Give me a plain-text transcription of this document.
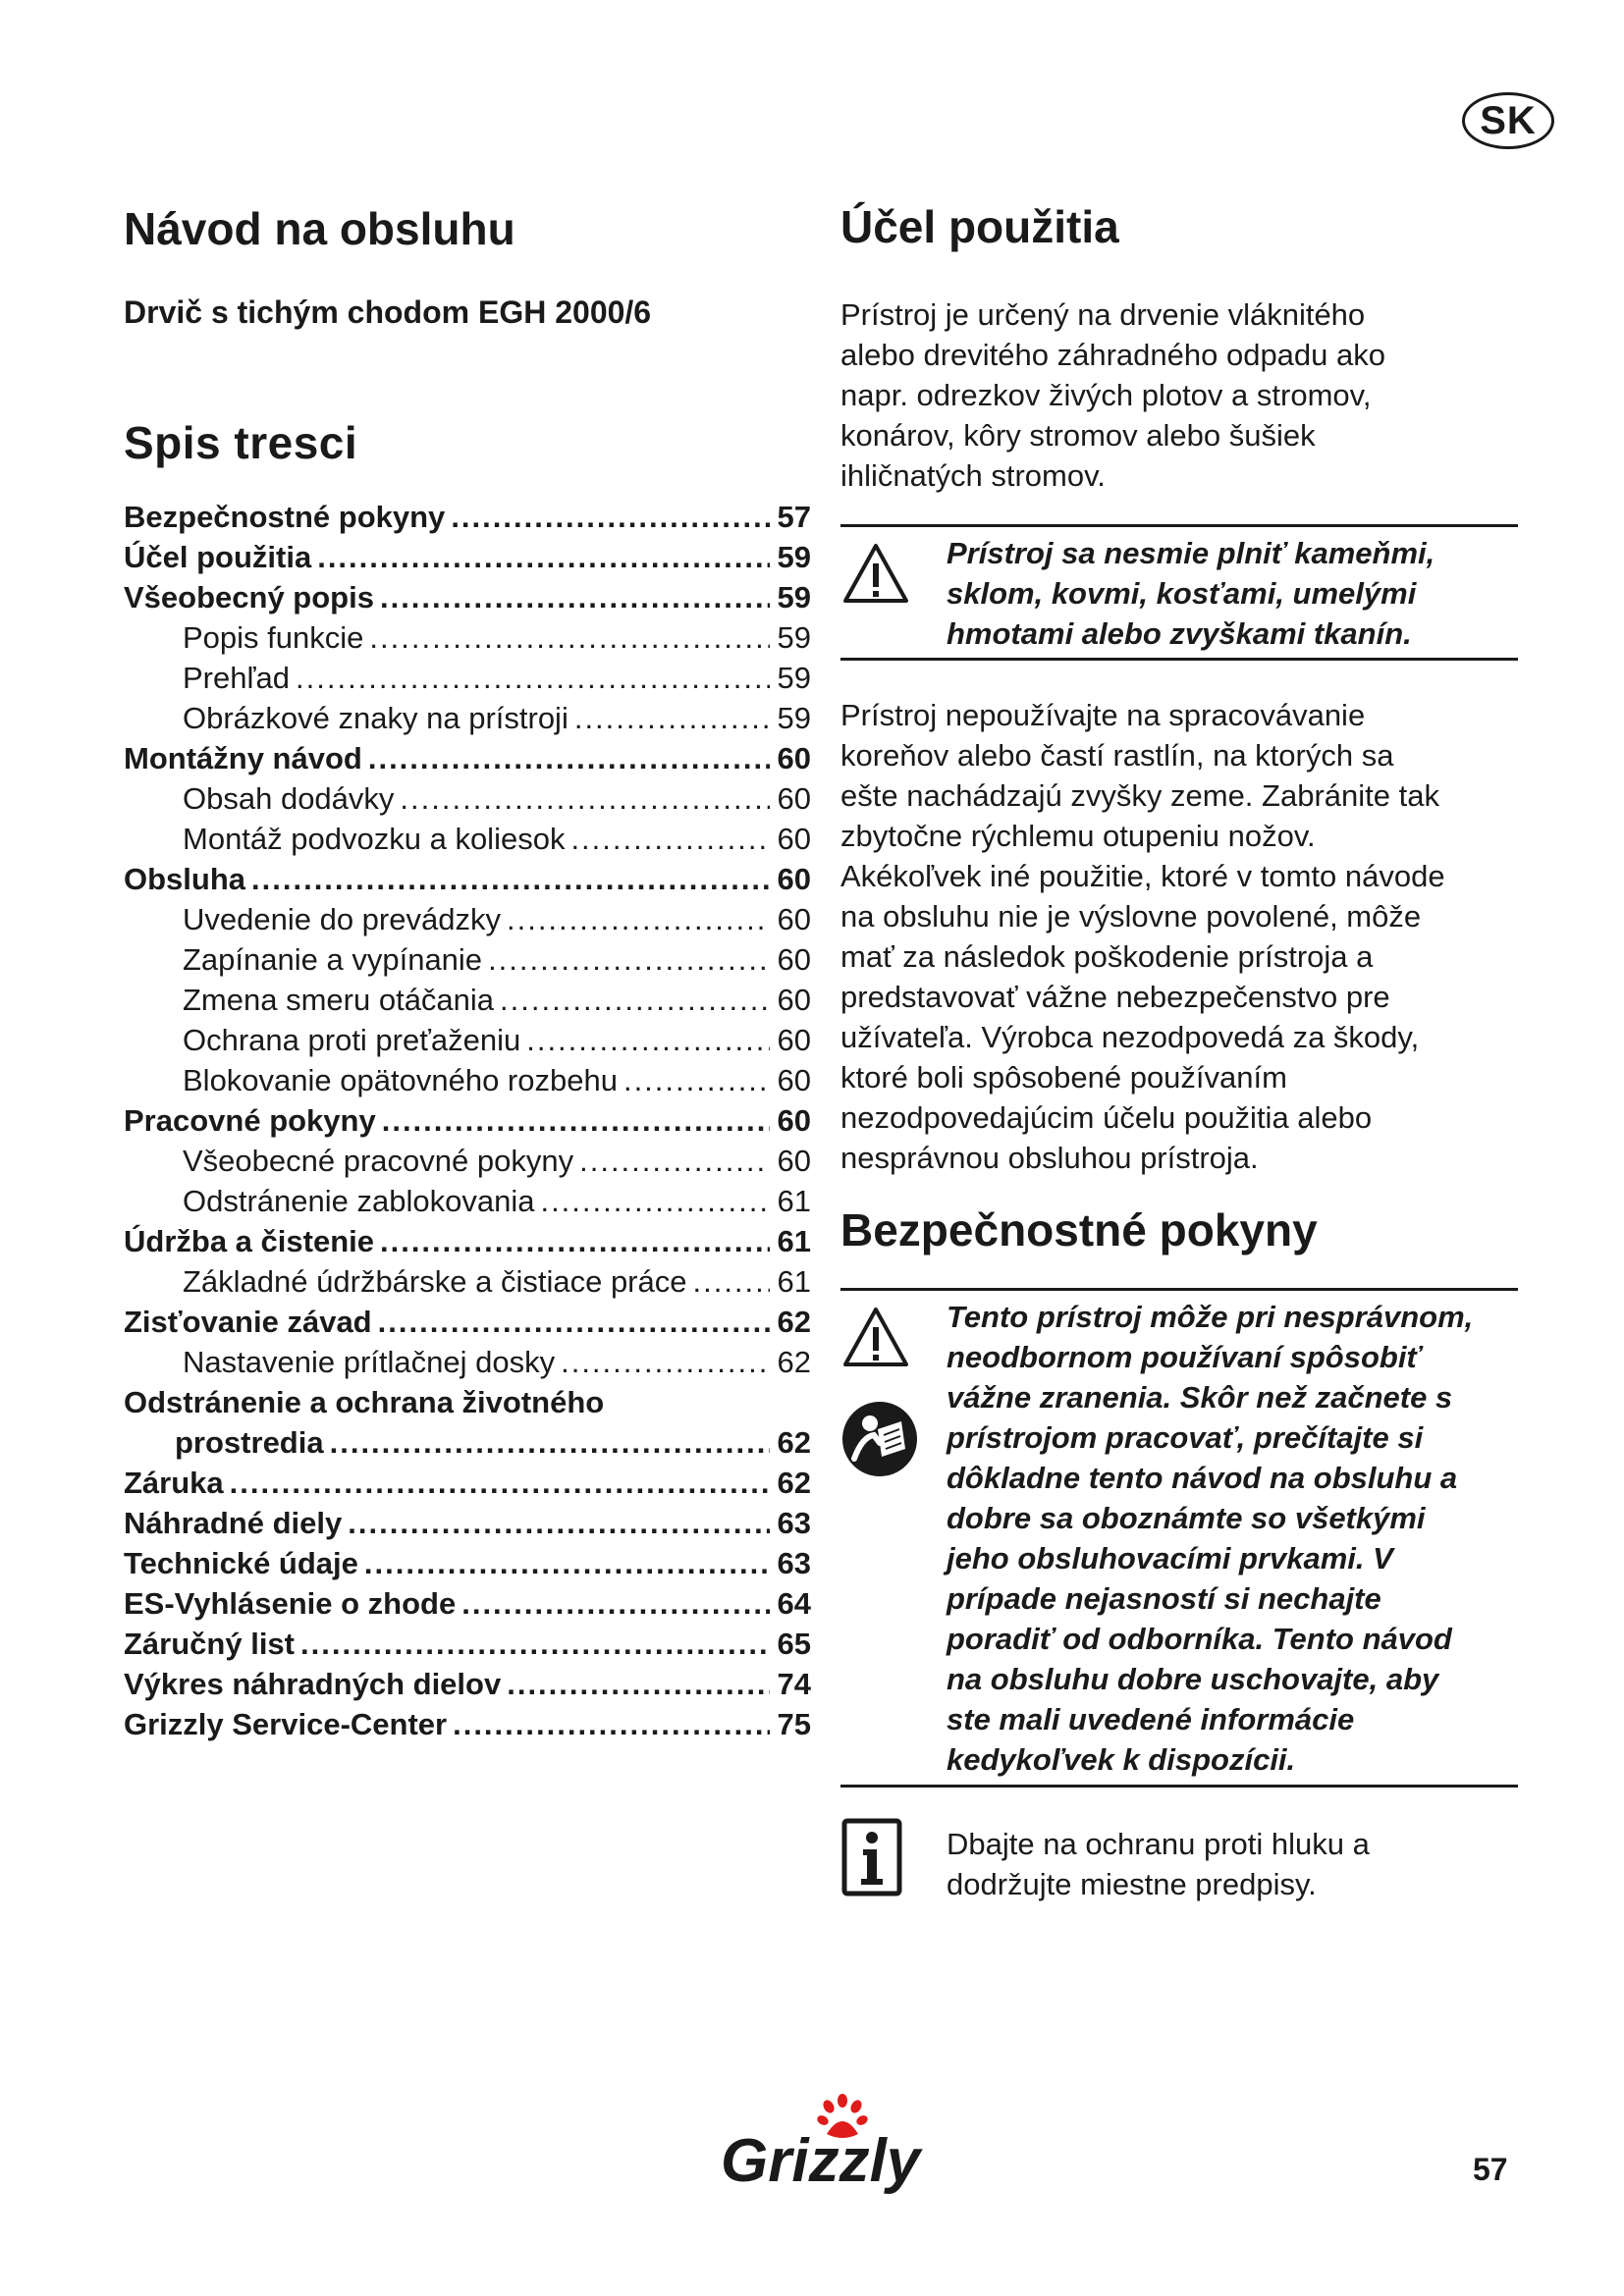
SK
Návod na obsluhu
Drvič s tichým chodom EGH 2000/6
Spis tresci
Bezpečnostné pokyny .....	57
Účel použitia .....	59
Všeobecný popis .....	59
Popis funkcie .....	59
Prehľad .....	59
Obrázkové znaky na prístroji .....	59
Montážny návod .....	60
Obsah dodávky .....	60
Montáž podvozku a koliesok .....	60
Obsluha .....	60
Uvedenie do prevádzky .....	60
Zapínanie a vypínanie .....	60
Zmena smeru otáčania .....	60
Ochrana proti preťaženiu .....	60
Blokovanie opätovného rozbehu .....	60
Pracovné pokyny .....	60
Všeobecné pracovné pokyny .....	60
Odstránenie zablokovania .....	61
Údržba a čistenie .....	61
Základné údržbárske a čistiace práce .....	61
Zisťovanie závad .....	62
Nastavenie prítlačnej dosky .....	62
Odstránenie a ochrana životného
prostredia .....	62
Záruka .....	62
Náhradné diely .....	63
Technické údaje .....	63
ES-Vyhlásenie o zhode .....	64
Záručný list .....	65
Výkres náhradných dielov .....	74
Grizzly Service-Center .....	75
Účel použitia
Prístroj je určený na drvenie vláknitého
alebo drevitého záhradného odpadu ako
napr. odrezkov živých plotov a stromov,
konárov, kôry stromov alebo šušiek
ihličnatých stromov.
Prístroj sa nesmie plniť kameňmi,
sklom, kovmi, kosťami, umelými
hmotami alebo zvyškami tkanín.
Prístroj nepoužívajte na spracovávanie
koreňov alebo častí rastlín, na ktorých sa
ešte nachádzajú zvyšky zeme. Zabránite tak
zbytočne rýchlemu otupeniu nožov.
Akékoľvek iné použitie, ktoré v tomto návode
na obsluhu nie je výslovne povolené, môže
mať za následok poškodenie prístroja a
predstavovať vážne nebezpečenstvo pre
užívateľa. Výrobca nezodpovedá za škody,
ktoré boli spôsobené používaním
nezodpovedajúcim účelu použitia alebo
nesprávnou obsluhou prístroja.
Bezpečnostné pokyny
Tento prístroj môže pri nesprávnom,
neodbornom používaní spôsobiť
vážne zranenia. Skôr než začnete s
prístrojom pracovať, prečítajte si
dôkladne tento návod na obsluhu a
dobre sa oboznámte so všetkými
jeho obsluhovacími prvkami. V
prípade nejasností si nechajte
poradiť od odborníka. Tento návod
na obsluhu dobre uschovajte, aby
ste mali uvedené informácie
kedykoľvek k dispozícii.
Dbajte na ochranu proti hluku a
dodržujte miestne predpisy.
Grizzly	57
